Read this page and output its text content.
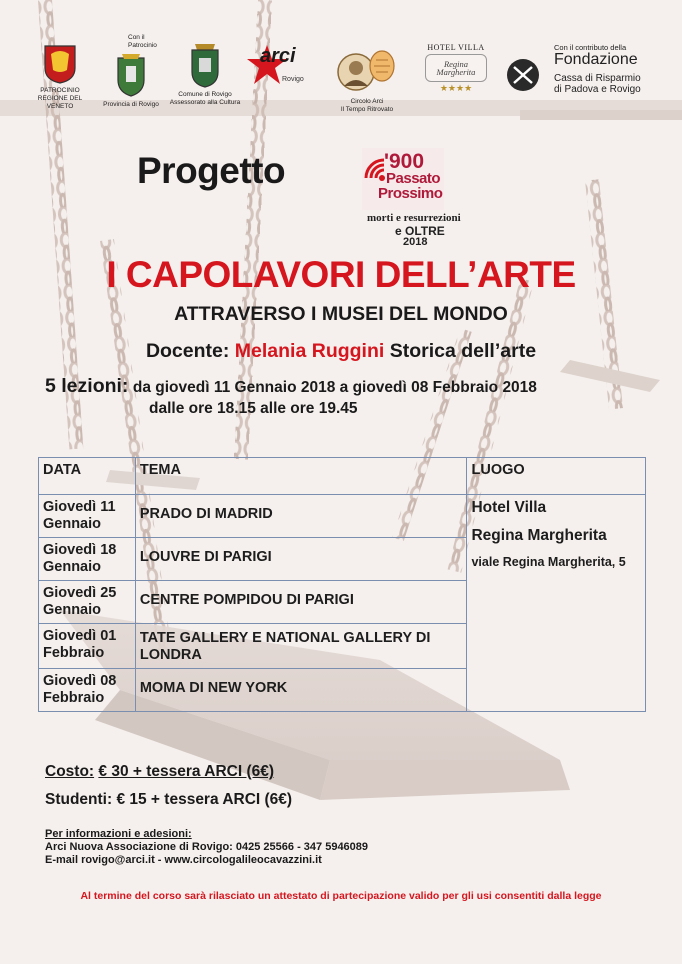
PATROCINIO
REGIONE DEL VENETO
Con il Patrocinio
Provincia di Rovigo
Comune di Rovigo
Assessorato alla Cultura
arci
Rovigo
Circolo Arci
Il Tempo Ritrovato
HOTEL VILLA
Regina Margherita
★★★★
Con il contributo della
Fondazione
Cassa di Risparmio
di Padova e Rovigo
Progetto	'900
Passato
Prossimo
morti e resurrezioni
e OLTRE
2018
I CAPOLAVORI DELL’ARTE
ATTRAVERSO I MUSEI DEL MONDO
Docente: Melania Ruggini Storica dell’arte
5 lezioni: da giovedì 11 Gennaio 2018 a giovedì 08 Febbraio 2018
dalle ore 18.15 alle ore 19.45
DATA	TEMA	LUOGO

Giovedì 11
Gennaio	PRADO DI MADRID	Hotel Villa
Regina Margherita
viale Regina Margherita, 5

Giovedì 18
Gennaio	LOUVRE DI PARIGI	

Giovedì 25
Gennaio	CENTRE POMPIDOU DI PARIGI	

Giovedì 01
Febbraio	TATE GALLERY E NATIONAL GALLERY DI LONDRA	

Giovedì 08
Febbraio	MOMA DI NEW YORK	
Costo: € 30 + tessera ARCI (6€)
Studenti: € 15 + tessera ARCI (6€)
Per informazioni e adesioni:
Arci Nuova Associazione di Rovigo: 0425 25566 - 347 5946089
E-mail rovigo@arci.it - www.circologalileocavazzini.it
Al termine del corso sarà rilasciato un attestato di partecipazione valido per gli usi consentiti dalla legge
